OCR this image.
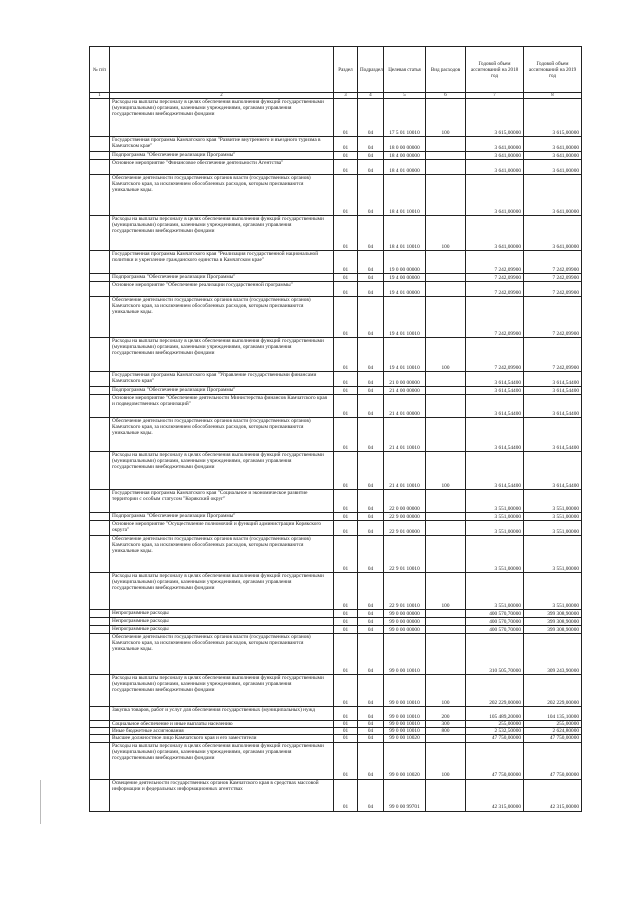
№ п/п		Раздел	Подраздел	Целевая статья	Вид расходов	Годовой объем ассигнований на 2018 год	Годовой объем ассигнований на 2019 год
1	2	3	4	5	6	7	8
	Расходы на выплаты персоналу в целях обеспечения выполнения функций государственными (муниципальными) органами, казенными учреждениями, органами управления государственными внебюджетными фондами	01	04	17 5 01 10010	100	3 615,00000	3 615,00000
	Государственная программа Камчатского края "Развитие внутреннего и въездного туризма в Камчатском крае"	01	04	18 0 00 00000		3 641,00000	3 641,00000
	Подпрограмма "Обеспечение реализации Программы"	01	04	18 4 00 00000		3 641,00000	3 641,00000
	Основное мероприятие "Финансовое обеспечение деятельности Агентства"	01	04	18 4 01 00000		3 641,00000	3 641,00000
	Обеспечение деятельности государственных органов власти (государственных органов) Камчатского края, за исключением обособленных расходов, которым присваиваются уникальные коды.	01	04	18 4 01 10010		3 641,00000	3 641,00000
	Расходы на выплаты персоналу в целях обеспечения выполнения функций государственными (муниципальными) органами, казенными учреждениями, органами управления государственными внебюджетными фондами	01	04	18 4 01 10010	100	3 641,00000	3 641,00000
	Государственная программа Камчатского края "Реализация государственной национальной политики и укрепление гражданского единства в Камчатском крае"	01	04	19 0 00 00000		7 242,09900	7 242,09900
	Подпрограмма "Обеспечение реализации Программы"	01	04	19 4 00 00000		7 242,09900	7 242,09900
	Основное мероприятие "Обеспечение реализации государственной программы"	01	04	19 4 01 00000		7 242,09900	7 242,09900
	Обеспечение деятельности государственных органов власти (государственных органов) Камчатского края, за исключением обособленных расходов, которым присваиваются уникальные коды.	01	04	19 4 01 10010		7 242,09900	7 242,09900
	Расходы на выплаты персоналу в целях обеспечения выполнения функций государственными (муниципальными) органами, казенными учреждениями, органами управления государственными внебюджетными фондами	01	04	19 4 01 10010	100	7 242,09900	7 242,09900
	Государственная программа Камчатского края "Управление государственными финансами Камчатского края"	01	04	21 0 00 00000		3 614,54400	3 614,54400
	Подпрограмма "Обеспечение реализации Программы"	01	04	21 4 00 00000		3 614,54400	3 614,54400
	Основное мероприятие "Обеспечение деятельности Министерства финансов Камчатского края и подведомственных организаций"	01	04	21 4 01 00000		3 614,54400	3 614,54400
	Обеспечение деятельности государственных органов власти (государственных органов) Камчатского края, за исключением обособленных расходов, которым присваиваются уникальные коды.	01	04	21 4 01 10010		3 614,54400	3 614,54400
	Расходы на выплаты персоналу в целях обеспечения выполнения функций государственными (муниципальными) органами, казенными учреждениями, органами управления государственными внебюджетными фондами	01	04	21 4 01 10010	100	3 614,54400	3 614,54400
	Государственная программа Камчатского края "Социальное и экономическое развитие территории с особым статусом "Корякский округ"	01	04	22 0 00 00000		3 551,00000	3 551,00000
	Подпрограмма "Обеспечение реализации Программы"	01	04	22 9 00 00000		3 551,00000	3 551,00000
	Основное мероприятие "Осуществление полномочий и функций администрации Корякского округа"	01	04	22 9 01 00000		3 551,00000	3 551,00000
	Обеспечение деятельности государственных органов власти (государственных органов) Камчатского края, за исключением обособленных расходов, которым присваиваются уникальные коды.	01	04	22 9 01 10010		3 551,00000	3 551,00000
	Расходы на выплаты персоналу в целях обеспечения выполнения функций государственными (муниципальными) органами, казенными учреждениями, органами управления государственными внебюджетными фондами	01	04	22 9 01 10010	100	3 551,00000	3 551,00000
	Непрограммные расходы	01	04	99 0 00 00000		400 570,70000	399 308,90000
	Непрограммные расходы	01	04	99 0 00 00000		400 570,70000	399 308,90000
	Непрограммные расходы	01	04	99 0 00 00000		400 570,70000	399 308,90000
	Обеспечение деятельности государственных органов власти (государственных органов) Камчатского края, за исключением обособленных расходов, которым присваиваются уникальные коды.	01	04	99 0 00 10010		310 505,70000	309 243,90000
	Расходы на выплаты персоналу в целях обеспечения выполнения функций государственными (муниципальными) органами, казенными учреждениями, органами управления государственными внебюджетными фондами	01	04	99 0 00 10010	100	202 229,00000	202 229,00000
	Закупка товаров, работ и услуг для обеспечения государственных (муниципальных) нужд	01	04	99 0 00 10010	200	105 489,20000	104 135,10000
	Социальное обеспечение и иные выплаты населению	01	04	99 0 00 10010	300	255,00000	255,00000
	Иные бюджетные ассигнования	01	04	99 0 00 10010	800	2 532,50000	2 624,80000
	Высшее должностное лицо Камчатского края и его заместители	01	04	99 0 00 10020		47 750,00000	47 750,00000
	Расходы на выплаты персоналу в целях обеспечения выполнения функций государственными (муниципальными) органами, казенными учреждениями, органами управления государственными внебюджетными фондами	01	04	99 0 00 10020	100	47 750,00000	47 750,00000
	Освещение деятельности государственных органов Камчатского края в средствах массовой информации и федеральных информационных агентствах	01	04	99 0 00 99701		42 315,00000	42 315,00000
